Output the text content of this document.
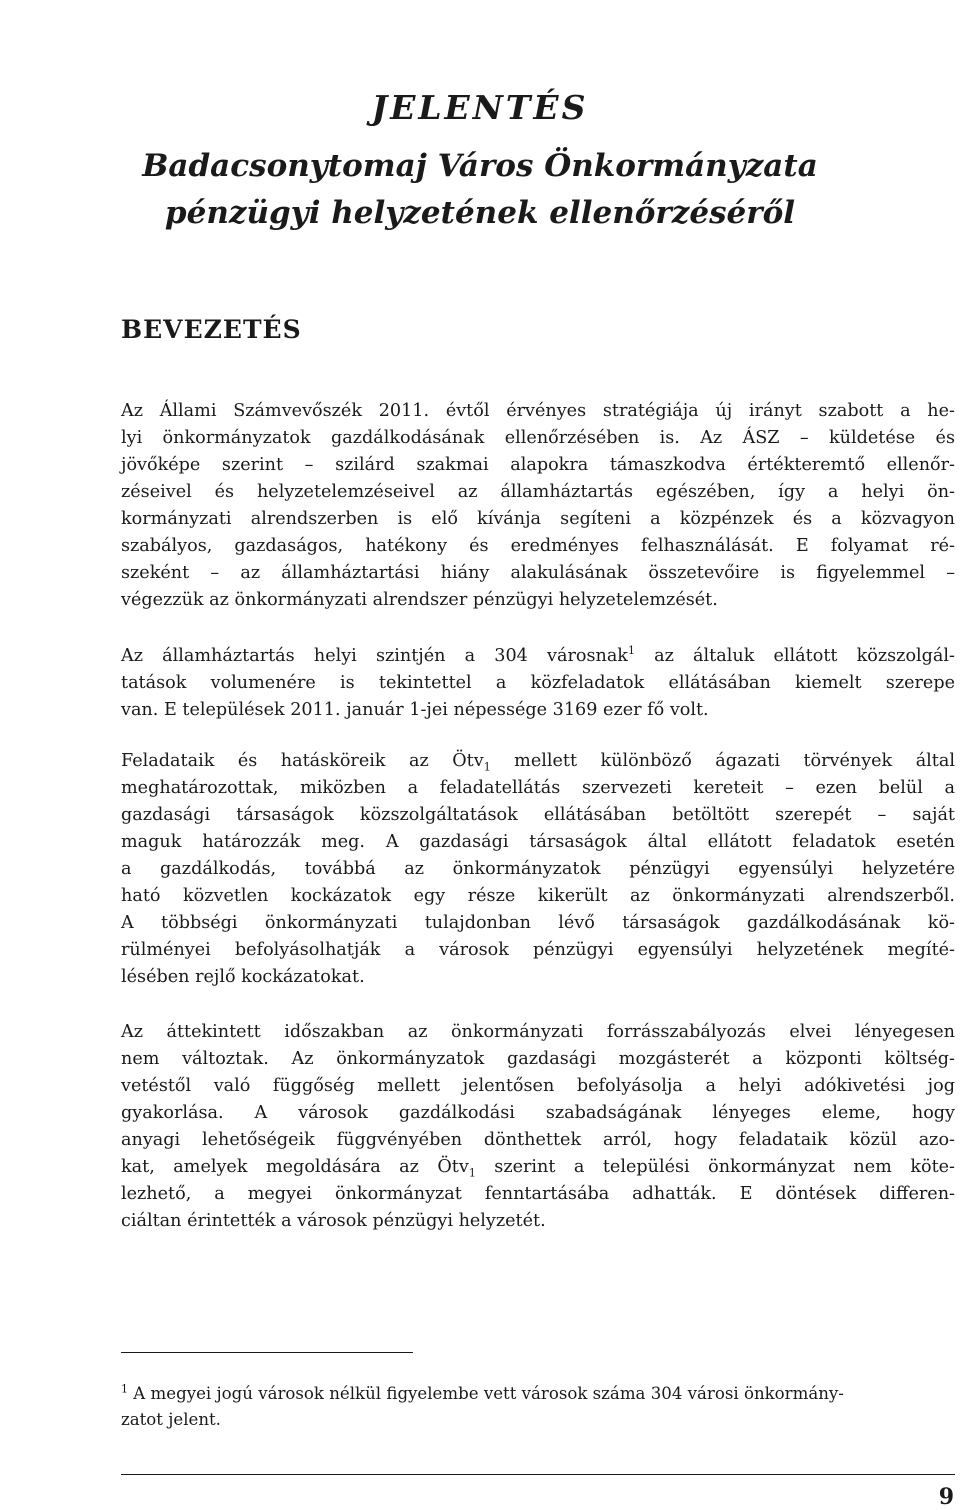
JELENTÉS
Badacsonytomaj Város Önkormányzata
pénzügyi helyzetének ellenőrzéséről
BEVEZETÉS
Az Állami Számvevőszék 2011. évtől érvényes stratégiája új irányt szabott a he-
lyi önkormányzatok gazdálkodásának ellenőrzésében is. Az ÁSZ – küldetése és
jövőképe szerint – szilárd szakmai alapokra támaszkodva értékteremtő ellenőr-
zéseivel és helyzetelemzéseivel az államháztartás egészében, így a helyi ön-
kormányzati alrendszerben is elő kívánja segíteni a közpénzek és a közvagyon
szabályos, gazdaságos, hatékony és eredményes felhasználását. E folyamat ré-
szeként – az államháztartási hiány alakulásának összetevőire is figyelemmel –
végezzük az önkormányzati alrendszer pénzügyi helyzetelemzését.
Az államháztartás helyi szintjén a 304 városnak$^1$ az általuk ellátott közszolgál-
tatások volumenére is tekintettel a közfeladatok ellátásában kiemelt szerepe
van. E települések 2011. január 1-jei népessége 3169 ezer fő volt.
Feladataik és hatásköreik az Ötv$_1$ mellett különböző ágazati törvények által
meghatározottak, miközben a feladatellátás szervezeti kereteit – ezen belül a
gazdasági társaságok közszolgáltatások ellátásában betöltött szerepét – saját
maguk határozzák meg. A gazdasági társaságok által ellátott feladatok esetén
a gazdálkodás, továbbá az önkormányzatok pénzügyi egyensúlyi helyzetére
ható közvetlen kockázatok egy része kikerült az önkormányzati alrendszerből.
A többségi önkormányzati tulajdonban lévő társaságok gazdálkodásának kö-
rülményei befolyásolhatják a városok pénzügyi egyensúlyi helyzetének megíté-
lésében rejlő kockázatokat.
Az áttekintett időszakban az önkormányzati forrásszabályozás elvei lényegesen
nem változtak. Az önkormányzatok gazdasági mozgásterét a központi költség-
vetéstől való függőség mellett jelentősen befolyásolja a helyi adókivetési jog
gyakorlása. A városok gazdálkodási szabadságának lényeges eleme, hogy
anyagi lehetőségeik függvényében dönthettek arról, hogy feladataik közül azo-
kat, amelyek megoldására az Ötv$_1$ szerint a települési önkormányzat nem köte-
lezhető, a megyei önkormányzat fenntartásába adhatták. E döntések differen-
ciáltan érintették a városok pénzügyi helyzetét.
$^1$ A megyei jogú városok nélkül figyelembe vett városok száma 304 városi önkormány-
zatot jelent.
9
